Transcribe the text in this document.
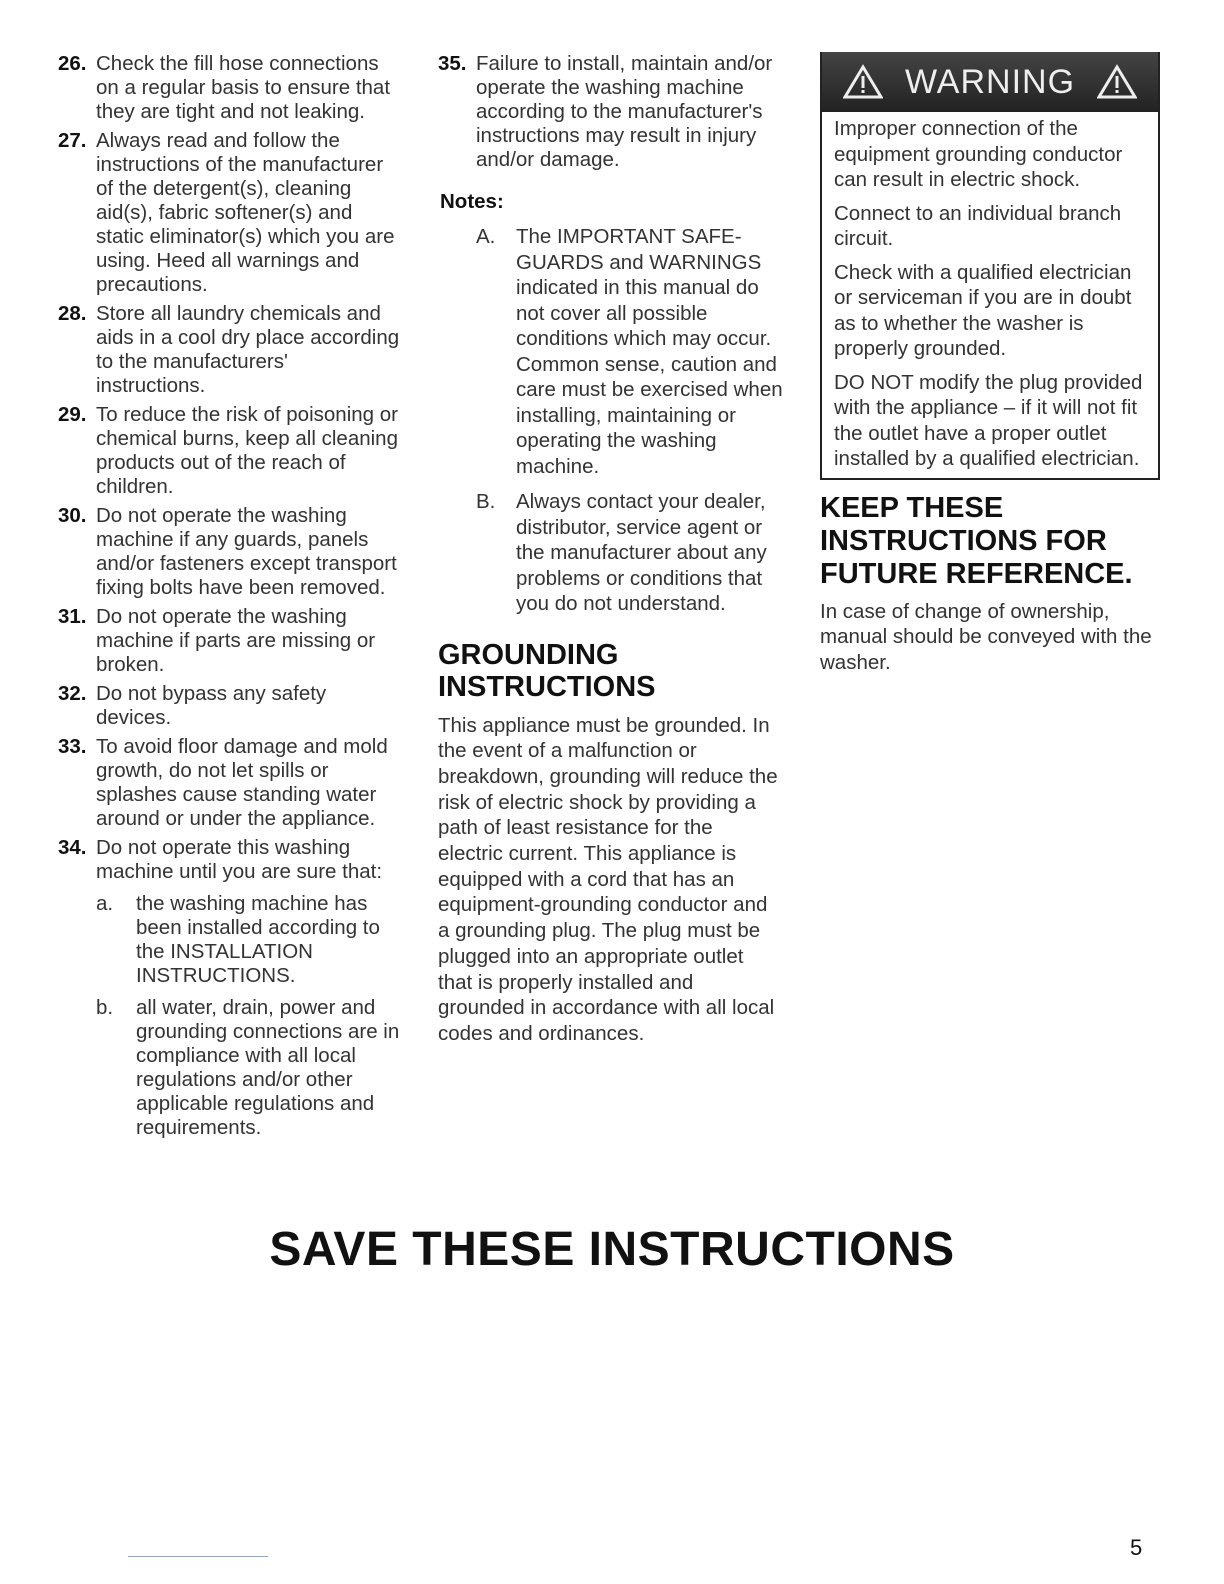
26. Check the fill hose connections on a regular basis to ensure that they are tight and not leaking.
27. Always read and follow the instructions of the manufacturer of the detergent(s), cleaning aid(s), fabric softener(s) and static eliminator(s) which you are using. Heed all warnings and precautions.
28. Store all laundry chemicals and aids in a cool dry place according to the manufacturers' instructions.
29. To reduce the risk of poisoning or chemical burns, keep all cleaning products out of the reach of children.
30. Do not operate the washing machine if any guards, panels and/or fasteners except transport fixing bolts have been removed.
31. Do not operate the washing machine if parts are missing or broken.
32. Do not bypass any safety devices.
33. To avoid floor damage and mold growth, do not let spills or splashes cause standing water around or under the appliance.
34. Do not operate this washing machine until you are sure that:
a.	the washing machine has been installed according to the INSTALLATION INSTRUCTIONS.
b.	all water, drain, power and grounding connections are in compliance with all local regulations and/or other applicable regulations and requirements.
35. Failure to install, maintain and/or operate the washing machine according to the manufacturer's instructions may result in injury and/or damage.
Notes:
A.	The IMPORTANT SAFE-GUARDS and WARNINGS indicated in this manual do not cover all possible conditions which may occur. Common sense, caution and care must be exercised when installing, maintaining or operating the washing machine.
B.	Always contact your dealer, distributor, service agent or the manufacturer about any problems or conditions that you do not understand.
GROUNDING INSTRUCTIONS
This appliance must be grounded. In the event of a malfunction or breakdown, grounding will reduce the risk of electric shock by providing a path of least resistance for the electric current. This appliance is equipped with a cord that has an equipment-grounding conductor and a grounding plug. The plug must be plugged into an appropriate outlet that is properly installed and grounded in accordance with all local codes and ordinances.
WARNING

Improper connection of the equipment grounding conductor can result in electric shock.

Connect to an individual branch circuit.

Check with a qualified electrician or serviceman if you are in doubt as to whether the washer is properly grounded.

DO NOT modify the plug provided with the appliance – if it will not fit the outlet have a proper outlet installed by a qualified electrician.

KEEP THESE INSTRUCTIONS FOR FUTURE REFERENCE.
In case of change of ownership, manual should be conveyed with the washer.
SAVE THESE INSTRUCTIONS
5
